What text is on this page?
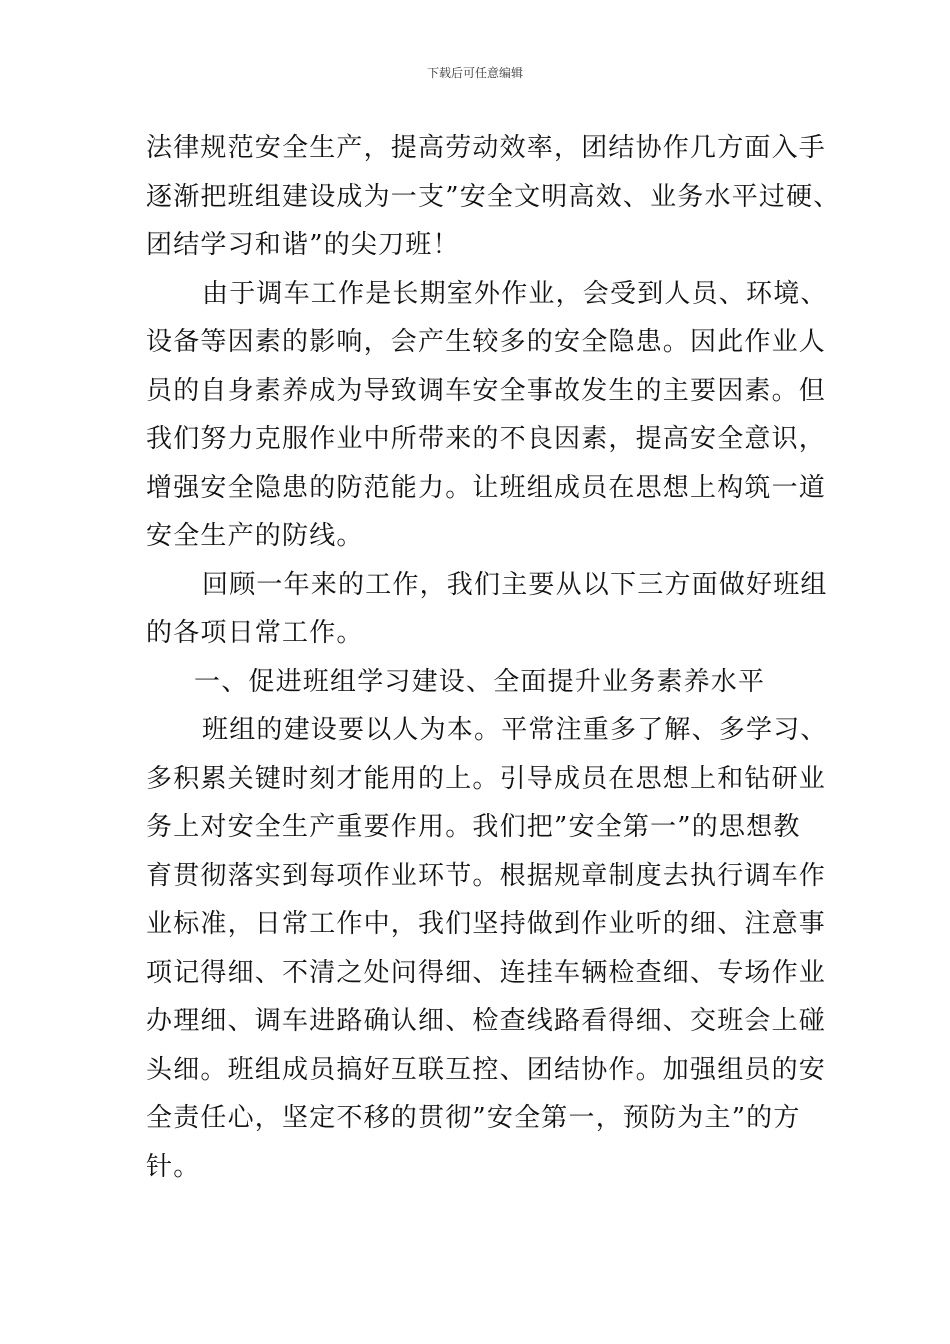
下载后可任意编辑
法律规范安全生产，提高劳动效率，团结协作几方面入手
逐渐把班组建设成为一支”安全文明高效、业务水平过硬、
团结学习和谐”的尖刀班！
由于调车工作是长期室外作业，会受到人员、环境、
设备等因素的影响，会产生较多的安全隐患。因此作业人
员的自身素养成为导致调车安全事故发生的主要因素。但
我们努力克服作业中所带来的不良因素，提高安全意识，
增强安全隐患的防范能力。让班组成员在思想上构筑一道
安全生产的防线。
回顾一年来的工作，我们主要从以下三方面做好班组
的各项日常工作。
一、促进班组学习建设、全面提升业务素养水平
班组的建设要以人为本。平常注重多了解、多学习、
多积累关键时刻才能用的上。引导成员在思想上和钻研业
务上对安全生产重要作用。我们把”安全第一”的思想教
育贯彻落实到每项作业环节。根据规章制度去执行调车作
业标准，日常工作中，我们坚持做到作业听的细、注意事
项记得细、不清之处问得细、连挂车辆检查细、专场作业
办理细、调车进路确认细、检查线路看得细、交班会上碰
头细。班组成员搞好互联互控、团结协作。加强组员的安
全责任心，坚定不移的贯彻”安全第一，预防为主”的方
针。
